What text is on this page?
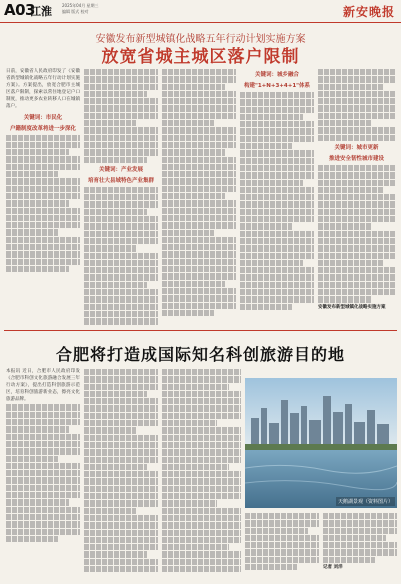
A03
江淮	2025年04月 星期三
编辑 版式 校对	新安晚报
安徽发布新型城镇化战略五年行动计划实施方案
放宽省城主城区落户限制
日前，安徽省人民政府印发了《安徽省新型城镇化战略五年行动计划实施方案》。方案提出，放宽合肥市主城区落户限制，探索以常住地登记户口制度，推动更多农业转移人口在城镇落户。
关键词：市民化
户籍制度改革将进一步深化
关键词：产业发展
培育壮大县域特色产业集群
关键词：城乡融合
构建"1+N+3+4+1"体系
关键词：城市更新
推进安全韧性城市建设
安徽发布新型城镇化战略实施方案
合肥将打造成国际知名科创旅游目的地
本报讯 近日，合肥市人民政府印发《合肥市科创文化旅游融合发展三年行动方案》，提出打造科创旅游示范区，培育科创旅游新业态，擦亮文化旅游品牌。
天鹅湖景观（资料图片）
记者 刘洋
